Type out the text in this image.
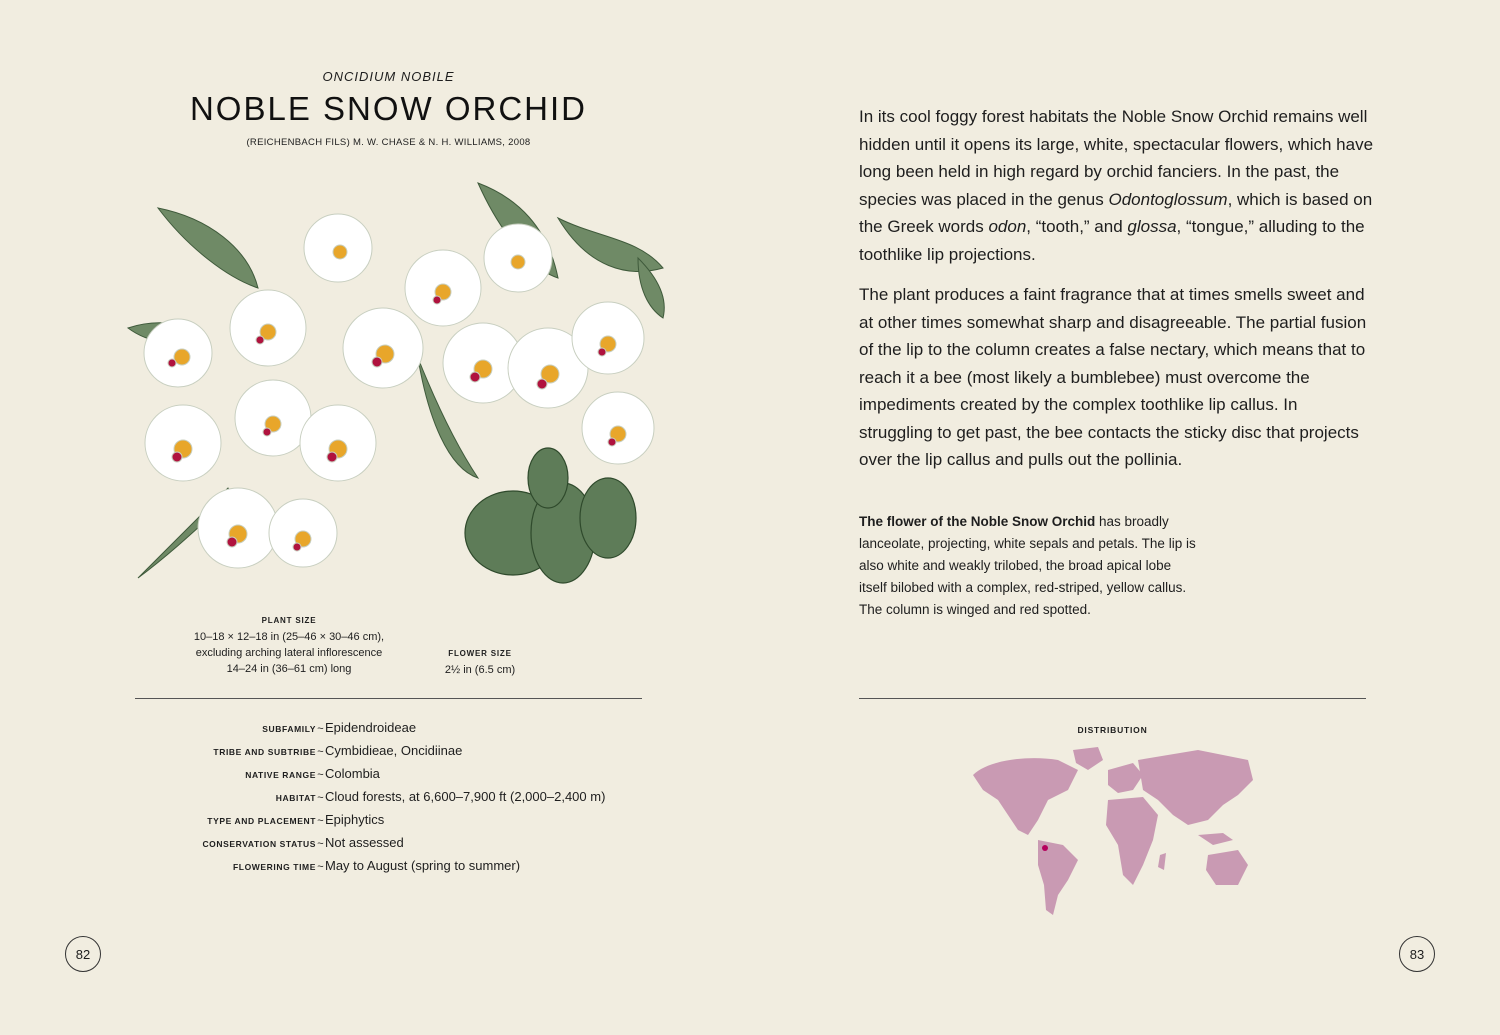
ONCIDIUM NOBILE
NOBLE SNOW ORCHID
(REICHENBACH FILS) M. W. CHASE & N. H. WILLIAMS, 2008
PLANT SIZE
10–18 × 12–18 in (25–46 × 30–46 cm),
excluding arching lateral inflorescence
14–24 in (36–61 cm) long
FLOWER SIZE
2½ in (6.5 cm)
SUBFAMILY ~ Epidendroideae
TRIBE AND SUBTRIBE ~ Cymbidieae, Oncidiinae
NATIVE RANGE ~ Colombia
HABITAT ~ Cloud forests, at 6,600–7,900 ft (2,000–2,400 m)
TYPE AND PLACEMENT ~ Epiphytics
CONSERVATION STATUS ~ Not assessed
FLOWERING TIME ~ May to August (spring to summer)
82

In its cool foggy forest habitats the Noble Snow Orchid remains well hidden until it opens its large, white, spectacular flowers, which have long been held in high regard by orchid fanciers. In the past, the species was placed in the genus Odontoglossum, which is based on the Greek words odon, “tooth,” and glossa, “tongue,” alluding to the toothlike lip projections.

The plant produces a faint fragrance that at times smells sweet and at other times somewhat sharp and disagreeable. The partial fusion of the lip to the column creates a false nectary, which means that to reach it a bee (most likely a bumblebee) must overcome the impediments created by the complex toothlike lip callus. In struggling to get past, the bee contacts the sticky disc that projects over the lip callus and pulls out the pollinia.

The flower of the Noble Snow Orchid has broadly lanceolate, projecting, white sepals and petals. The lip is also white and weakly trilobed, the broad apical lobe itself bilobed with a complex, red-striped, yellow callus. The column is winged and red spotted.
DISTRIBUTION
83
